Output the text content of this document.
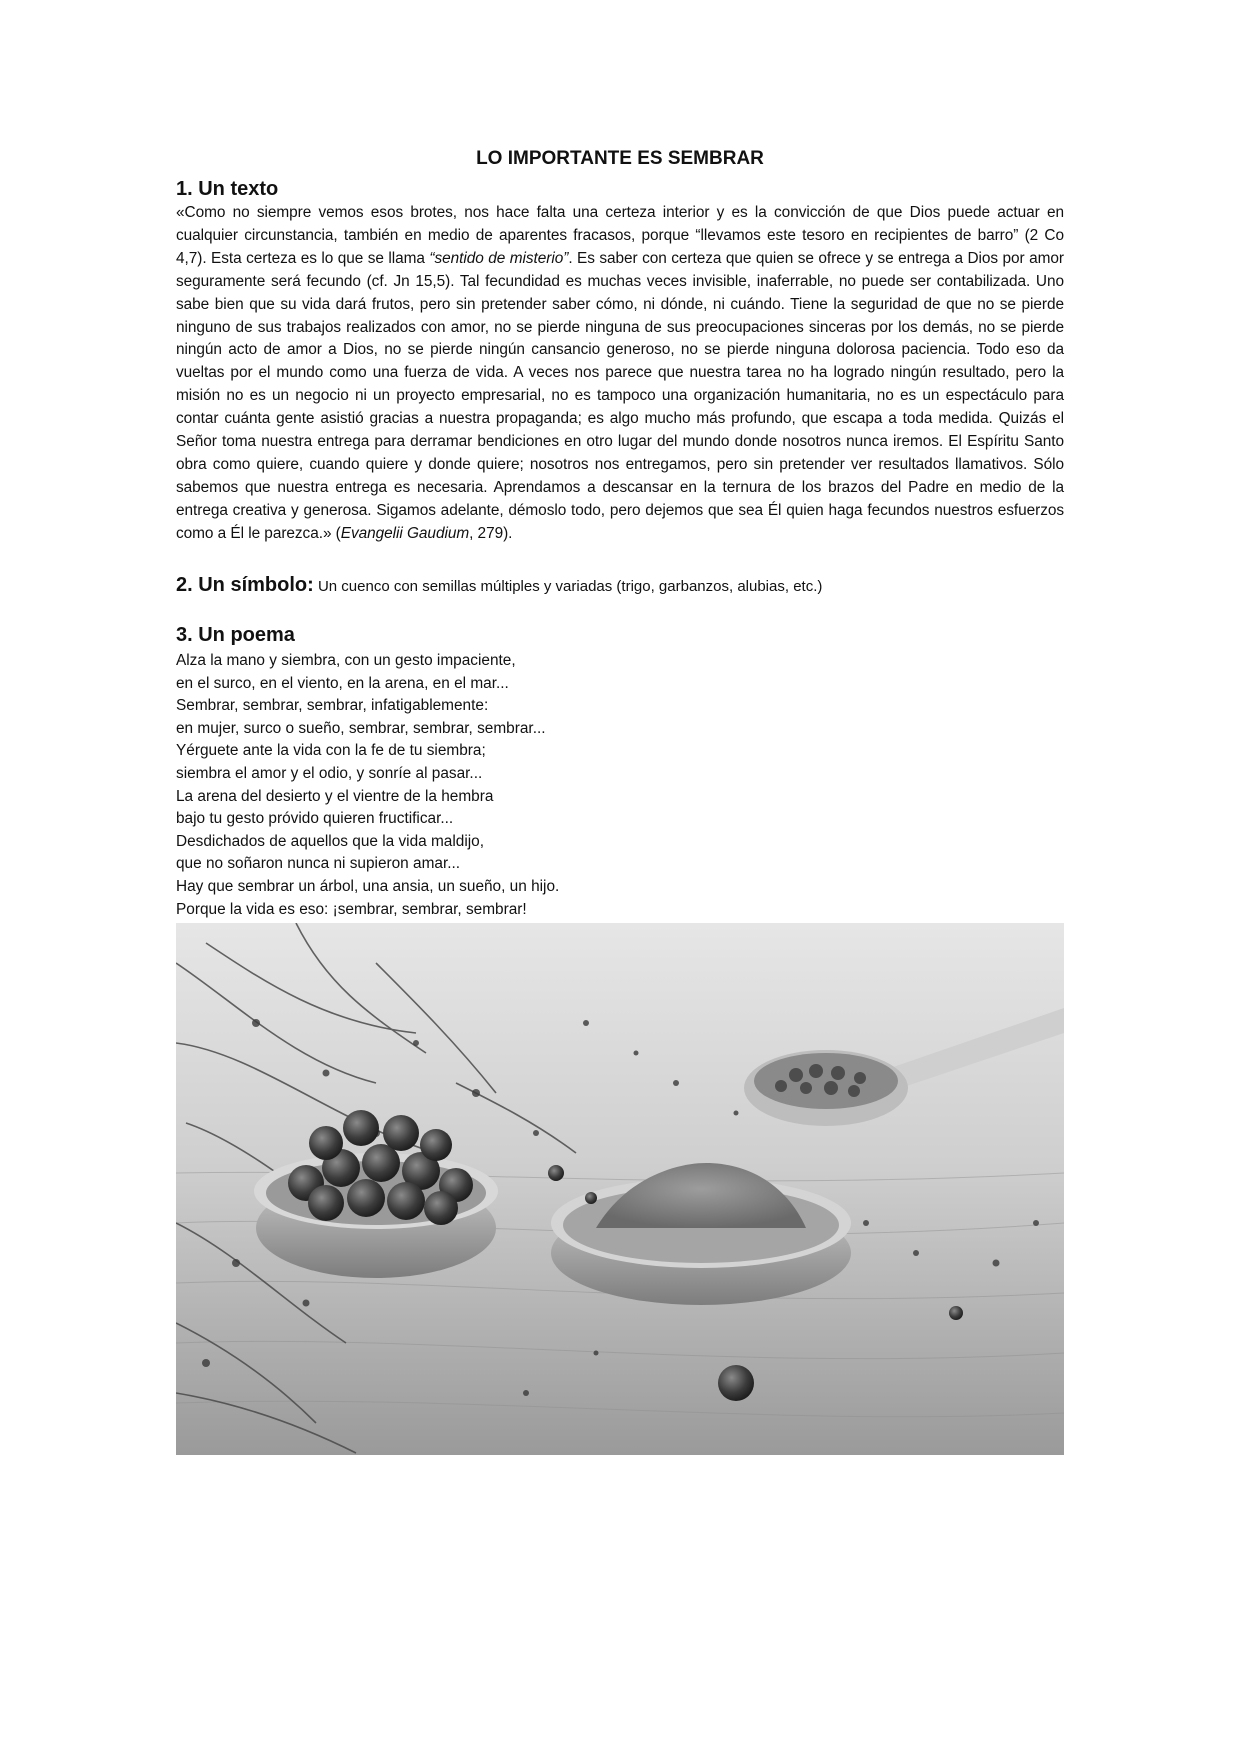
LO IMPORTANTE ES SEMBRAR

1. Un texto

«Como no siempre vemos esos brotes, nos hace falta una certeza interior y es la convicción de que Dios puede actuar en cualquier circunstancia, también en medio de aparentes fracasos, porque “llevamos este tesoro en recipientes de barro” (2 Co 4,7). Esta certeza es lo que se llama “sentido de misterio”. Es saber con certeza que quien se ofrece y se entrega a Dios por amor seguramente será fecundo (cf. Jn 15,5). Tal fecundidad es muchas veces invisible, inaferrable, no puede ser contabilizada. Uno sabe bien que su vida dará frutos, pero sin pretender saber cómo, ni dónde, ni cuándo. Tiene la seguridad de que no se pierde ninguno de sus trabajos realizados con amor, no se pierde ninguna de sus preocupaciones sinceras por los demás, no se pierde ningún acto de amor a Dios, no se pierde ningún cansancio generoso, no se pierde ninguna dolorosa paciencia. Todo eso da vueltas por el mundo como una fuerza de vida. A veces nos parece que nuestra tarea no ha logrado ningún resultado, pero la misión no es un negocio ni un proyecto empresarial, no es tampoco una organización humanitaria, no es un espectáculo para contar cuánta gente asistió gracias a nuestra propaganda; es algo mucho más profundo, que escapa a toda medida. Quizás el Señor toma nuestra entrega para derramar bendiciones en otro lugar del mundo donde nosotros nunca iremos. El Espíritu Santo obra como quiere, cuando quiere y donde quiere; nosotros nos entregamos, pero sin pretender ver resultados llamativos. Sólo sabemos que nuestra entrega es necesaria. Aprendamos a descansar en la ternura de los brazos del Padre en medio de la entrega creativa y generosa. Sigamos adelante, démoslo todo, pero dejemos que sea Él quien haga fecundos nuestros esfuerzos como a Él le parezca.» (Evangelii Gaudium, 279).

2. Un símbolo:

Un cuenco con semillas múltiples y variadas (trigo, garbanzos, alubias, etc.)

3. Un poema

Alza la mano y siembra, con un gesto impaciente,
en el surco, en el viento, en la arena, en el mar...
Sembrar, sembrar, sembrar, infatigablemente:
en mujer, surco o sueño, sembrar, sembrar, sembrar...
Yérguete ante la vida con la fe de tu siembra;
siembra el amor y el odio, y sonríe al pasar...
La arena del desierto y el vientre de la hembra
bajo tu gesto próvido quieren fructificar...
Desdichados de aquellos que la vida maldijo,
que no soñaron nunca ni supieron amar...
Hay que sembrar un árbol, una ansia, un sueño, un hijo.
Porque la vida es eso: ¡sembrar, sembrar, sembrar!
